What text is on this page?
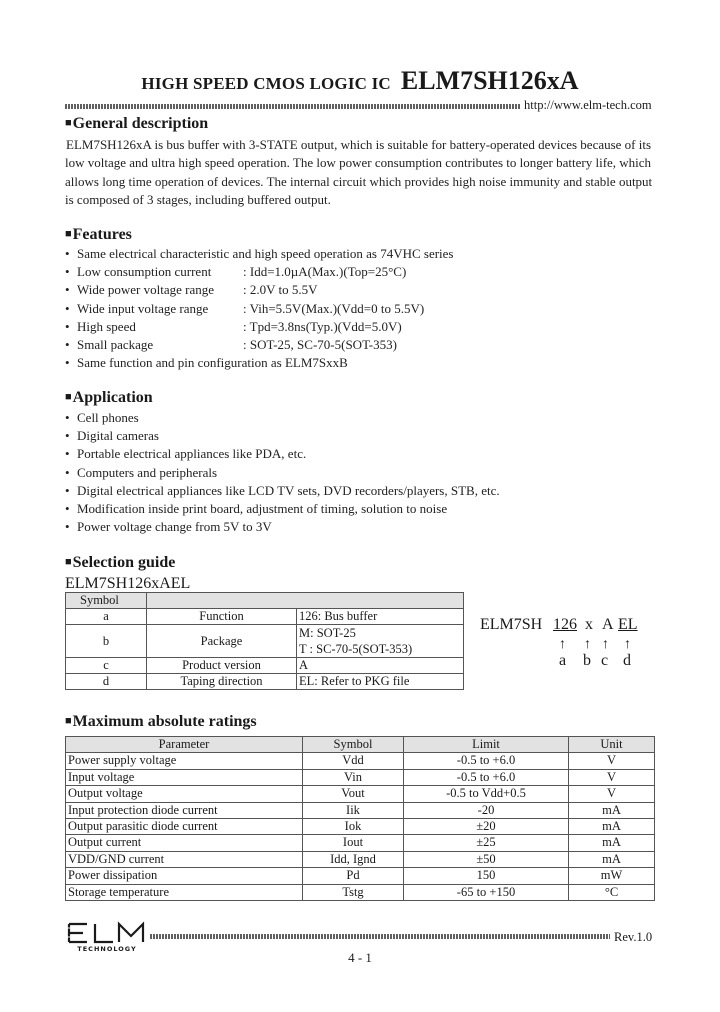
HIGH SPEED CMOS LOGIC IC ELM7SH126xA
http://www.elm-tech.com
■General description
ELM7SH126xA is bus buffer with 3-STATE output, which is suitable for battery-operated devices because of its low voltage and ultra high speed operation. The low power consumption contributes to longer battery life, which allows long time operation of devices. The internal circuit which provides high noise immunity and stable output is composed of 3 stages, including buffered output.
■Features
• Same electrical characteristic and high speed operation as 74VHC series
• Low consumption current : Idd=1.0µA(Max.)(Top=25°C)
• Wide power voltage range : 2.0V to 5.5V
• Wide input voltage range	: Vih=5.5V(Max.)(Vdd=0 to 5.5V)
• High speed	: Tpd=3.8ns(Typ.)(Vdd=5.0V)
• Small package	: SOT-25, SC-70-5(SOT-353)
• Same function and pin configuration as ELM7SxxB
■Application
• Cell phones
• Digital cameras
• Portable electrical appliances like PDA, etc.
• Computers and peripherals
• Digital electrical appliances like LCD TV sets, DVD recorders/players, STB, etc.
• Modification inside print board, adjustment of timing, solution to noise
• Power voltage change from 5V to 3V
■Selection guide
ELM7SH126xAEL
Symbol		
a	Function	126: Bus buffer
b	Package	M: SOT-25
T : SC-70-5(SOT-353)

c	Product version	A
d	Taping direction	EL: Refer to PKG file
ELM7SH 126 x A EL
↑ ↑ ↑ ↑
a b c d
■Maximum absolute ratings
Parameter	Symbol	Limit	Unit
Power supply voltage	Vdd	-0.5 to +6.0	V
Input voltage	Vin	-0.5 to +6.0	V
Output voltage	Vout	-0.5 to Vdd+0.5	V
Input protection diode current	Iik	-20	mA
Output parasitic diode current	Iok	±20	mA
Output current	Iout	±25	mA
VDD/GND current	Idd, Ignd	±50	mA
Power dissipation	Pd	150	mW
Storage temperature	Tstg	-65 to +150	°C
TECHNOLOGY
Rev.1.0
4 - 1
